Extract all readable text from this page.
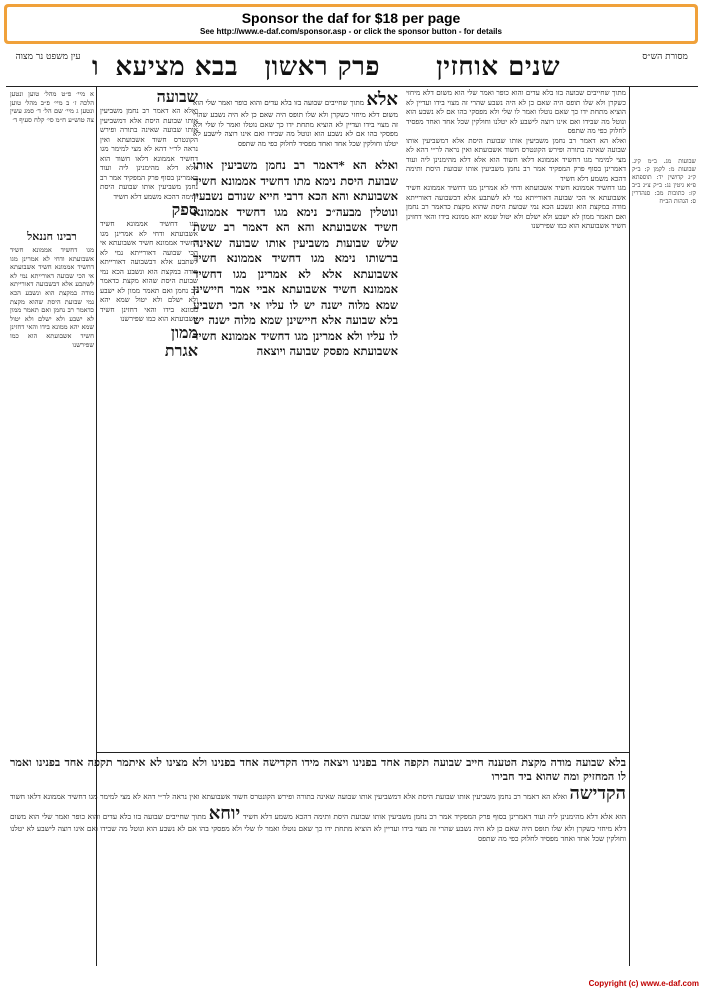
Sponsor the daf for $18 per page
See http://www.e-daf.com/sponsor.asp - or click the sponsor button - for details
מסורת הש״ס
שנים אוחזין
פרק ראשון
בבא מציעא
ו
עין משפט נר מצוה
שבועות מג. ב״מ קיג. שבועות מ: לקמן ק: ב״ק ק״ג קדושין יד: תוספתא פ״א גיטין נג: ב״ק צ״ג ב״ב קז: כתובות מב: סנהדרין ס: הגהות הב״ח

מתוך שחייבים שבועה בזו בלא עדים והוא כופר ואמר שלי הוא משום דלא מיחזי כשקרן ולא שלו תופס היה שאם כן לא היה נשבע שהרי זה מצוי בידו ועדיין לא הוציא מתחת ידו כך שאם נוטלו ואמר לו שלי ולא מפסקי בהו אם לא נשבע הוא ונוטל מה שבידו ואם אינו רוצה לישבע לא יטלנו וחולקין שכל אחד ואחד מפסיד לחלוק כפי מה שתפס

ואלא הא דאמר רב נחמן משביעין אותו שבועת היסת אלא דמשביעין אותו שבועה שאינה בתורה ופירש הקונטרס חשוד אשבועתא ואין נראה לר״י דהא לא מצי למימר מגו דחשיד אממונא דלאו חשוד הוא אלא דלא מהימנינן ליה ועוד דאמרינן בסוף פרק המפקיד אמר רב נחמן משביעין אותו שבועת היסת ותימה דהכא משמע דלא חשיד

מגו דחשיד אממונא חשיד אשבועתא ודחי לא אמרינן מגו דחשיד אממונא חשיד אשבועתא אי הכי שבועה דאורייתא נמי לא לשתבע אלא דבשבועה דאורייתא מודה במקצת הוא ונשבע הכא נמי שבועת היסת שהוא מקצת כדאמר רב נחמן ואם תאמר ממון לא ישבע ולא ישלם ולא יטול שמא יהא ממונא בידו והאי דחזינן חשיד אשבועתא הוא כמו שפירשנו

אלא מתוך שחייבים שבועה בזו בלא עדים והוא כופר ואמר שלי הוא משום דלא מיחזי כשקרן ולא שלו תופס היה שאם כן לא היה נשבע שהרי זה מצוי בידו ועדיין לא הוציא מתחת ידו כך שאם נוטלו ואמר לו שלי ולא מפסקי בהו אם לא נשבע הוא ונוטל מה שבידו ואם אינו רוצה לישבע לא יטלנו וחולקין שכל אחד ואחד מפסיד לחלוק כפי מה שתפס
ואלא הא *דאמר רב נחמן משביעין אותו שבועת היסת נימא מתו דחשיד אממונא חשיד אשבועתא והא הכא דרבי חייא שנודם נשבעין ונוטלין מבעה״כ נימא מגו דחשיד אממונא חשיד אשבועתא והא הא דאמר רב ששת שלש שבועות משביעין אותו שבועה שאינה ברשותו נימא מגו דחשיד אממונא חשיד אשבועתא אלא לא אמרינן מגו דחשיד אממונא חשיד אשבועתא אביי אמר חיישינן שמא מלוה ישנה יש לו עליו אי הכי תשביע בלא שבועה אלא חיישינן שמא מלוה ישנה יש לו עליו ולא אמרינן מגו דחשיד אממונא חשיד אשבועתא מפסק שבועה ויוצאה
שבועה

ואלא הא דאמר רב נחמן משביעין אותו שבועת היסת אלא דמשביעין אותו שבועה שאינה בתורה ופירש הקונטרס חשוד אשבועתא ואין נראה לר״י דהא לא מצי למימר מגו דחשיד אממונא דלאו חשוד הוא אלא דלא מהימנינן ליה ועוד דאמרינן בסוף פרק המפקיד אמר רב נחמן משביעין אותו שבועת היסת ותימה דהכא משמע דלא חשיד

ספק

מגו דחשיד אממונא חשיד אשבועתא ודחי לא אמרינן מגו דחשיד אממונא חשיד אשבועתא אי הכי שבועה דאורייתא נמי לא לשתבע אלא דבשבועה דאורייתא מודה במקצת הוא ונשבע הכא נמי שבועת היסת שהוא מקצת כדאמר רב נחמן ואם תאמר ממון לא ישבע ולא ישלם ולא יטול שמא יהא ממונא בידו והאי דחזינן חשיד אשבועתא הוא כמו שפירשנו

ממון
אגרת
א מיי׳ פ״ט מהל׳ טוען ונטען הלכה ז׳ ב מיי׳ פ״ב מהל׳ טוען ונטען ג מיי׳ שם הל׳ ד׳ סמג עשין צה טוש״ע ח״מ סי׳ קלח סעיף ד׳
רבינו חננאל

מגו דחשיד אממונא חשיד אשבועתא ודחי לא אמרינן מגו דחשיד אממונא חשיד אשבועתא אי הכי שבועה דאורייתא נמי לא לשתבע אלא דבשבועה דאורייתא מודה במקצת הוא ונשבע הכא נמי שבועת היסת שהוא מקצת כדאמר רב נחמן ואם תאמר ממון לא ישבע ולא ישלם ולא יטול שמא יהא ממונא בידו והאי דחזינן חשיד אשבועתא הוא כמו שפירשנו

בלא שבועה מודה מקצת הטענה חייב שבועה תקפה אחד בפנינו ויצאה מידו הקדישה אחד בפנינו ולא מצינו לא איתמר תקפה אחד בפנינו ואמר לו המחזיק ומה שהוא ביד חבירו

הקדישה ואלא הא דאמר רב נחמן משביעין אותו שבועת היסת אלא דמשביעין אותו שבועה שאינה בתורה ופירש הקונטרס חשוד אשבועתא ואין נראה לר״י דהא לא מצי למימר מגו דחשיד אממונא דלאו חשוד הוא אלא דלא מהימנינן ליה ועוד דאמרינן בסוף פרק המפקיד אמר רב נחמן משביעין אותו שבועת היסת ותימה דהכא משמע דלא חשיד יוחא מתוך שחייבים שבועה בזו בלא עדים והוא כופר ואמר שלי הוא משום דלא מיחזי כשקרן ולא שלו תופס היה שאם כן לא היה נשבע שהרי זה מצוי בידו ועדיין לא הוציא מתחת ידו כך שאם נוטלו ואמר לו שלי ולא מפסקי בהו אם לא נשבע הוא ונוטל מה שבידו ואם אינו רוצה לישבע לא יטלנו וחולקין שכל אחד ואחד מפסיד לחלוק כפי מה שתפס
Copyright (c) www.e-daf.com
